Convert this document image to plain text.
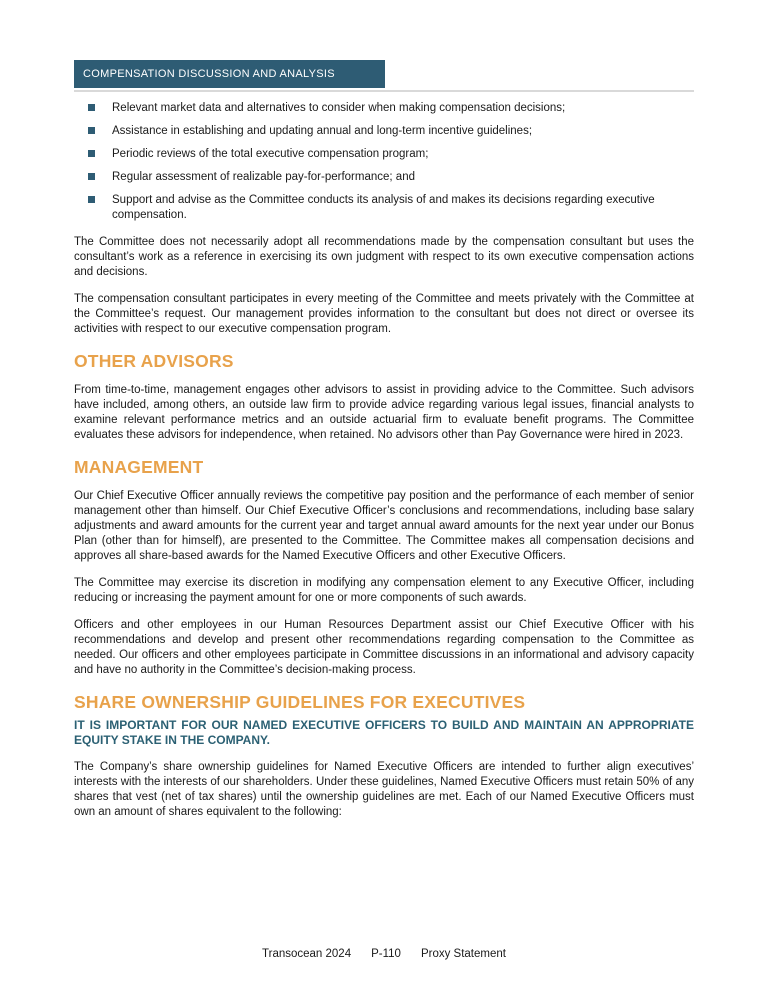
COMPENSATION DISCUSSION AND ANALYSIS
Relevant market data and alternatives to consider when making compensation decisions;
Assistance in establishing and updating annual and long-term incentive guidelines;
Periodic reviews of the total executive compensation program;
Regular assessment of realizable pay-for-performance; and
Support and advise as the Committee conducts its analysis of and makes its decisions regarding executive compensation.

The Committee does not necessarily adopt all recommendations made by the compensation consultant but uses the consultant’s work as a reference in exercising its own judgment with respect to its own executive compensation actions and decisions.

The compensation consultant participates in every meeting of the Committee and meets privately with the Committee at the Committee’s request. Our management provides information to the consultant but does not direct or oversee its activities with respect to our executive compensation program.

OTHER ADVISORS

From time-to-time, management engages other advisors to assist in providing advice to the Committee. Such advisors have included, among others, an outside law firm to provide advice regarding various legal issues, financial analysts to examine relevant performance metrics and an outside actuarial firm to evaluate benefit programs. The Committee evaluates these advisors for independence, when retained. No advisors other than Pay Governance were hired in 2023.

MANAGEMENT

Our Chief Executive Officer annually reviews the competitive pay position and the performance of each member of senior management other than himself. Our Chief Executive Officer’s conclusions and recommendations, including base salary adjustments and award amounts for the current year and target annual award amounts for the next year under our Bonus Plan (other than for himself), are presented to the Committee. The Committee makes all compensation decisions and approves all share-based awards for the Named Executive Officers and other Executive Officers.

The Committee may exercise its discretion in modifying any compensation element to any Executive Officer, including reducing or increasing the payment amount for one or more components of such awards.

Officers and other employees in our Human Resources Department assist our Chief Executive Officer with his recommendations and develop and present other recommendations regarding compensation to the Committee as needed. Our officers and other employees participate in Committee discussions in an informational and advisory capacity and have no authority in the Committee’s decision-making process.

SHARE OWNERSHIP GUIDELINES FOR EXECUTIVES

IT IS IMPORTANT FOR OUR NAMED EXECUTIVE OFFICERS TO BUILD AND MAINTAIN AN APPROPRIATE EQUITY STAKE IN THE COMPANY.

The Company’s share ownership guidelines for Named Executive Officers are intended to further align executives’ interests with the interests of our shareholders. Under these guidelines, Named Executive Officers must retain 50% of any shares that vest (net of tax shares) until the ownership guidelines are met. Each of our Named Executive Officers must own an amount of shares equivalent to the following:

Transocean 2024 P-110 Proxy Statement
